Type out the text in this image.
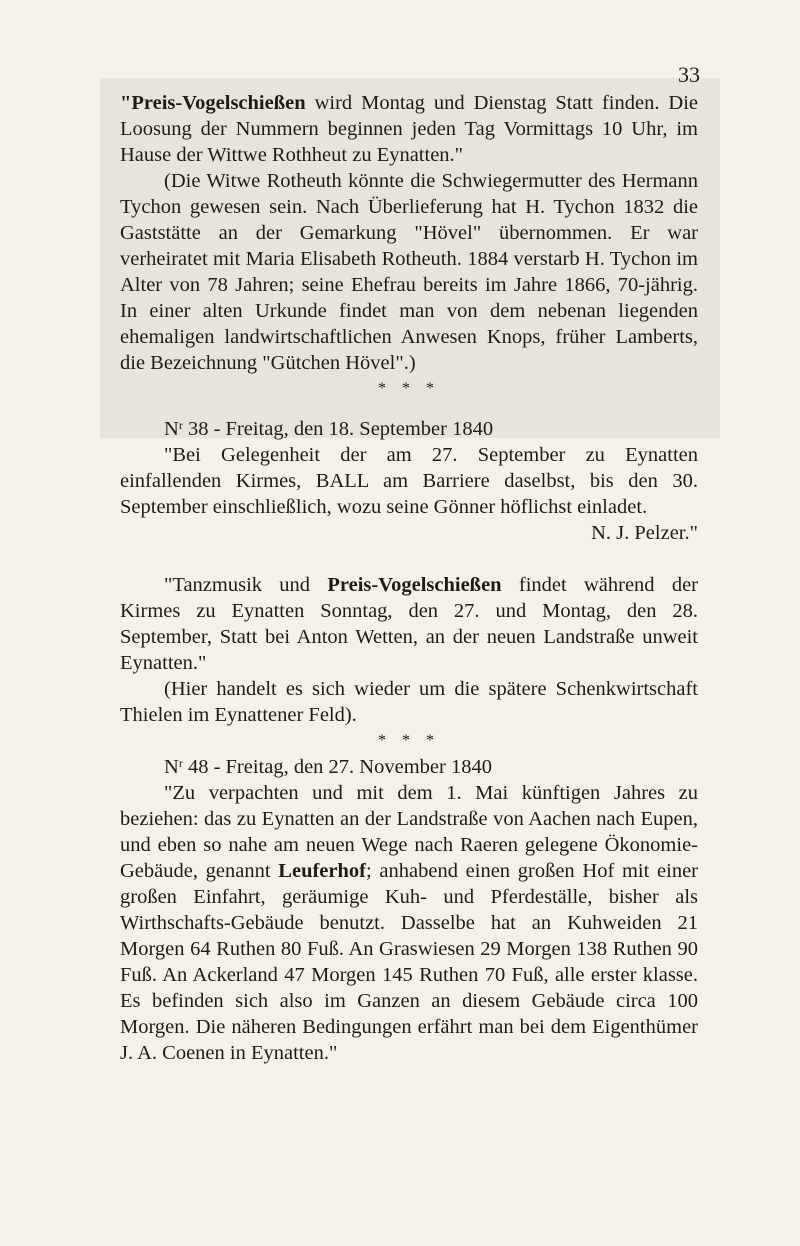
33

"Preis-Vogelschießen wird Montag und Dienstag Statt finden. Die Loosung der Nummern beginnen jeden Tag Vormittags 10 Uhr, im Hause der Wittwe Rothheut zu Eynatten."

(Die Witwe Rotheuth könnte die Schwiegermutter des Hermann Tychon gewesen sein. Nach Überlieferung hat H. Tychon 1832 die Gaststätte an der Gemarkung "Hövel" übernommen. Er war verheiratet mit Maria Elisabeth Rotheuth. 1884 verstarb H. Tychon im Alter von 78 Jahren; seine Ehefrau bereits im Jahre 1866, 70-jährig. In einer alten Urkunde findet man von dem nebenan liegenden ehemaligen landwirtschaftlichen Anwesen Knops, früher Lamberts, die Bezeichnung "Gütchen Hövel".)

* * *

$N^r$ 38 - Freitag, den 18. September 1840

"Bei Gelegenheit der am 27. September zu Eynatten einfallenden Kirmes, BALL am Barriere daselbst, bis den 30. September einschließlich, wozu seine Gönner höflichst einladet.

N. J. Pelzer."

"Tanzmusik und Preis-Vogelschießen findet während der Kirmes zu Eynatten Sonntag, den 27. und Montag, den 28. September, Statt bei Anton Wetten, an der neuen Landstraße unweit Eynatten."

(Hier handelt es sich wieder um die spätere Schenkwirtschaft Thielen im Eynattener Feld).

* * *

$N^r$ 48 - Freitag, den 27. November 1840

"Zu verpachten und mit dem 1. Mai künftigen Jahres zu beziehen: das zu Eynatten an der Landstraße von Aachen nach Eupen, und eben so nahe am neuen Wege nach Raeren gelegene Ökonomie-Gebäude, genannt Leuferhof; anhabend einen großen Hof mit einer großen Einfahrt, geräumige Kuh- und Pferdeställe, bisher als Wirthschafts-Gebäude benutzt. Dasselbe hat an Kuhweiden 21 Morgen 64 Ruthen 80 Fuß. An Graswiesen 29 Morgen 138 Ruthen 90 Fuß. An Ackerland 47 Morgen 145 Ruthen 70 Fuß, alle erster klasse. Es befinden sich also im Ganzen an diesem Gebäude circa 100 Morgen. Die näheren Bedingungen erfährt man bei dem Eigenthümer J. A. Coenen in Eynatten."
